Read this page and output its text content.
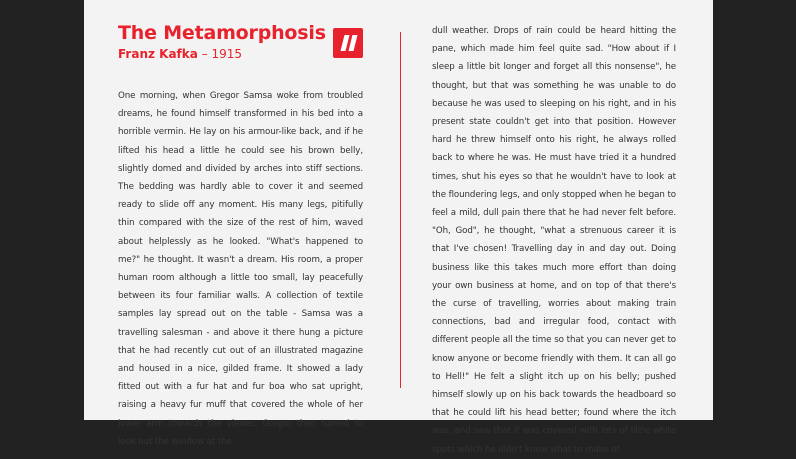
The Metamorphosis

Franz Kafka – 1915

One morning, when Gregor Samsa woke from troubled dreams, he found himself transformed in his bed into a horrible vermin. He lay on his armour-like back, and if he lifted his head a little he could see his brown belly, slightly domed and divided by arches into stiff sections. The bedding was hardly able to cover it and seemed ready to slide off any moment. His many legs, pitifully thin compared with the size of the rest of him, waved about helplessly as he looked. "What's happened to me?" he thought. It wasn't a dream. His room, a proper human room although a little too small, lay peacefully between its four familiar walls. A collection of textile samples lay spread out on the table - Samsa was a travelling salesman - and above it there hung a picture that he had recently cut out of an illustrated magazine and housed in a nice, gilded frame. It showed a lady fitted out with a fur hat and fur boa who sat upright, raising a heavy fur muff that covered the whole of her lower arm towards the viewer. Gregor then turned to look out the window at the

dull weather. Drops of rain could be heard hitting the pane, which made him feel quite sad. "How about if I sleep a little bit longer and forget all this nonsense", he thought, but that was something he was unable to do because he was used to sleeping on his right, and in his present state couldn't get into that position. However hard he threw himself onto his right, he always rolled back to where he was. He must have tried it a hundred times, shut his eyes so that he wouldn't have to look at the floundering legs, and only stopped when he began to feel a mild, dull pain there that he had never felt before. "Oh, God", he thought, "what a strenuous career it is that I've chosen! Travelling day in and day out. Doing business like this takes much more effort than doing your own business at home, and on top of that there's the curse of travelling, worries about making train connections, bad and irregular food, contact with different people all the time so that you can never get to know anyone or become friendly with them. It can all go to Hell!" He felt a slight itch up on his belly; pushed himself slowly up on his back towards the headboard so that he could lift his head better; found where the itch was, and saw that it was covered with lots of little white spots which he didn't know what to make of.
